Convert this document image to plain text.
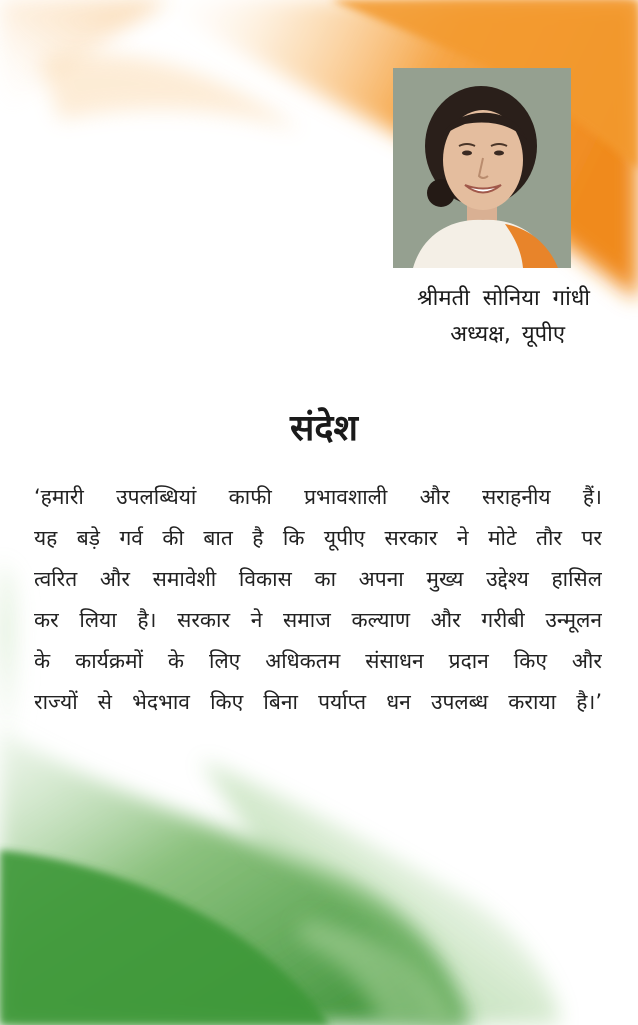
श्रीमती सोनिया गांधी
अध्यक्ष, यूपीए
संदेश
‘हमारी उपलब्धियां काफी प्रभावशाली और सराहनीय हैं।
यह बड़े गर्व की बात है कि यूपीए सरकार ने मोटे तौर पर
त्वरित और समावेशी विकास का अपना मुख्य उद्देश्य हासिल
कर लिया है। सरकार ने समाज कल्याण और गरीबी उन्मूलन
के कार्यक्रमों के लिए अधिकतम संसाधन प्रदान किए और
राज्यों से भेदभाव किए बिना पर्याप्त धन उपलब्ध कराया है।’
